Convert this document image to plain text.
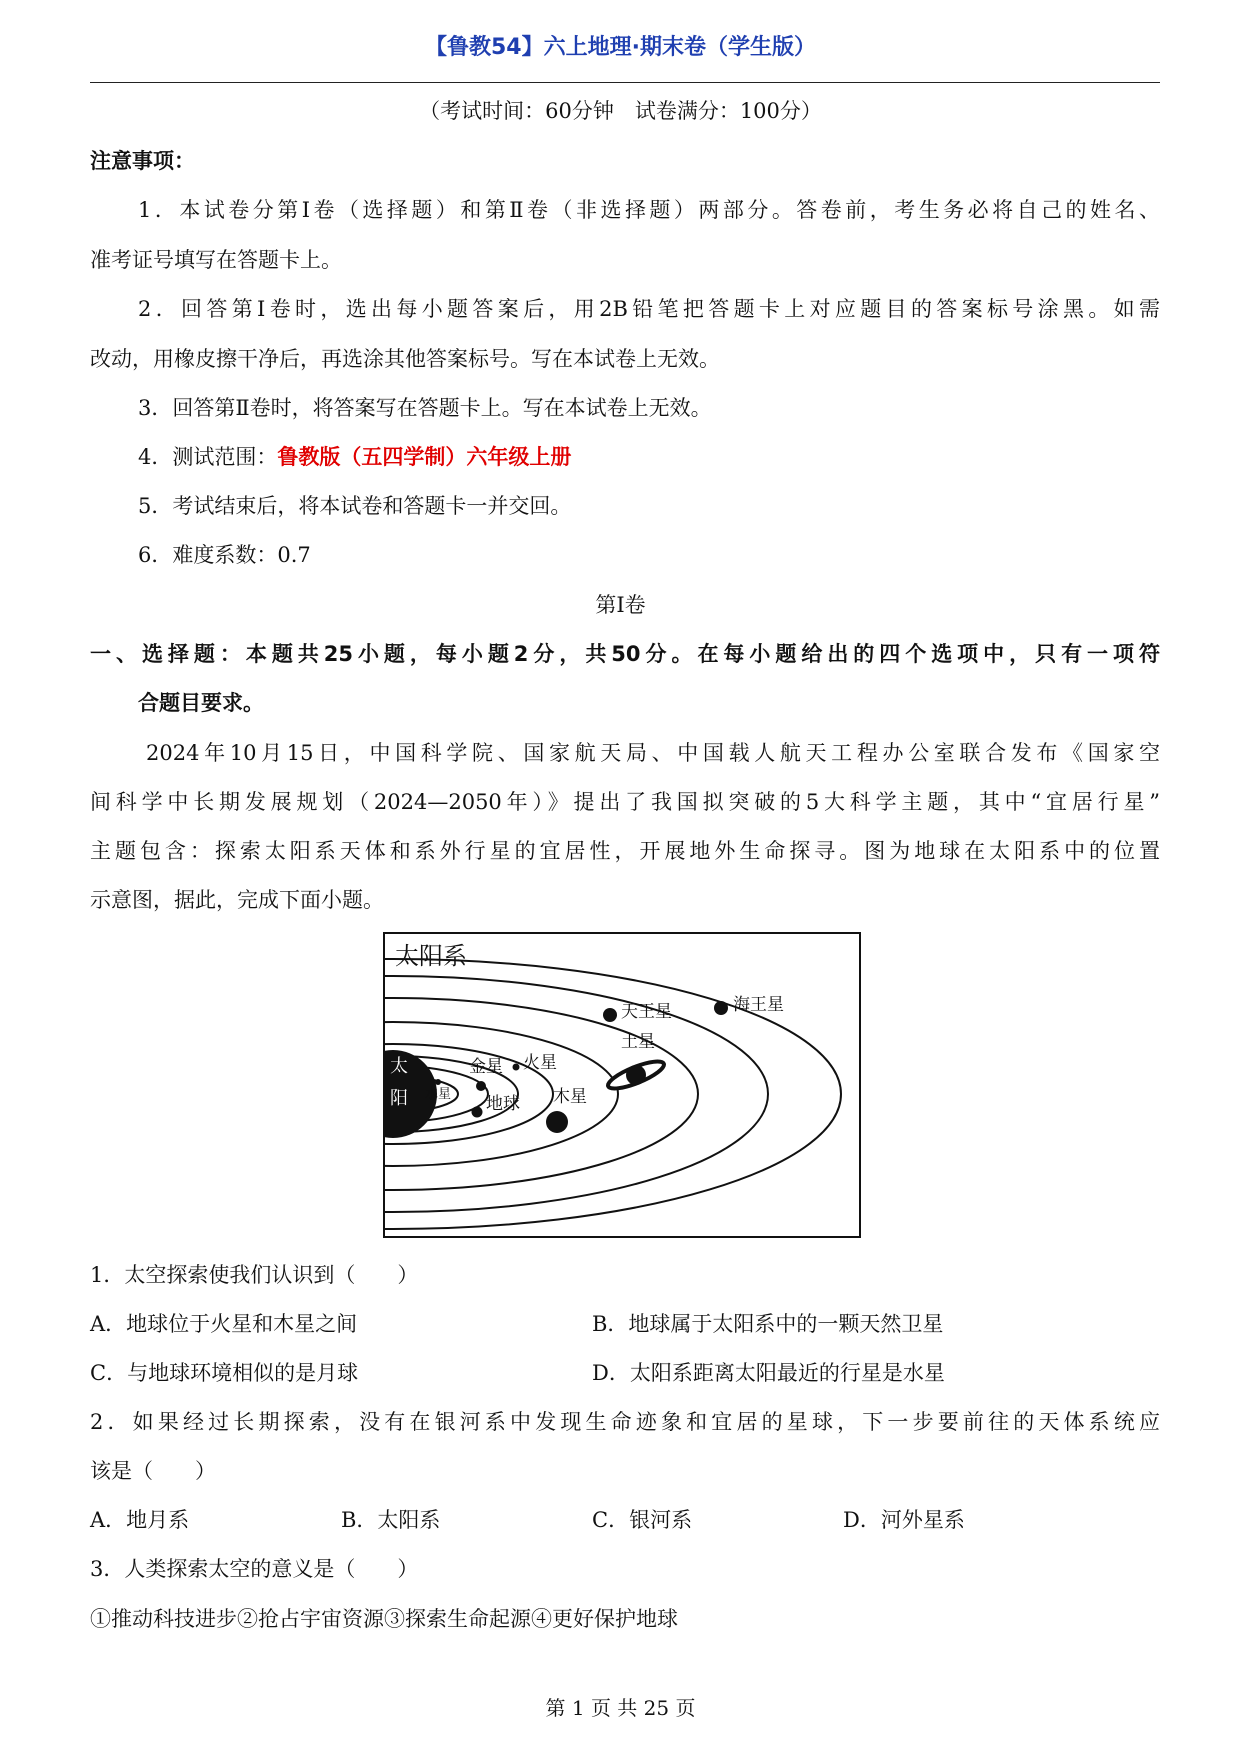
【鲁教54】六上地理·期末卷（学生版）
（考试时间：60分钟　试卷满分：100分）
注意事项：
1．本试卷分第Ⅰ卷（选择题）和第Ⅱ卷（非选择题）两部分。答卷前，考生务必将自己的姓名、
准考证号填写在答题卡上。
2．回答第Ⅰ卷时，选出每小题答案后，用2B铅笔把答题卡上对应题目的答案标号涂黑。如需
改动，用橡皮擦干净后，再选涂其他答案标号。写在本试卷上无效。
3．回答第Ⅱ卷时，将答案写在答题卡上。写在本试卷上无效。
4．测试范围：鲁教版（五四学制）六年级上册
5．考试结束后，将本试卷和答题卡一并交回。
6．难度系数：0.7
第Ⅰ卷
一、选择题：本题共25小题，每小题2分，共50分。在每小题给出的四个选项中，只有一项符
合题目要求。
2024年10月15日，中国科学院、国家航天局、中国载人航天工程办公室联合发布《国家空
间科学中长期发展规划（2024—2050年）》提出了我国拟突破的5大科学主题，其中“宜居行星”
主题包含：探索太阳系天体和系外行星的宜居性，开展地外生命探寻。图为地球在太阳系中的位置
示意图，据此，完成下面小题。
太阳系
太
阳 水星
金星
地球
火星
木星
土星
天王星	海王星
1．太空探索使我们认识到（　　）
A．地球位于火星和木星之间	B．地球属于太阳系中的一颗天然卫星
C．与地球环境相似的是月球	D．太阳系距离太阳最近的行星是水星
2．如果经过长期探索，没有在银河系中发现生命迹象和宜居的星球，下一步要前往的天体系统应
该是（　　）
A．地月系	B．太阳系	C．银河系	D．河外星系
3．人类探索太空的意义是（　　）
①推动科技进步②抢占宇宙资源③探索生命起源④更好保护地球
第 1 页 共 25 页
